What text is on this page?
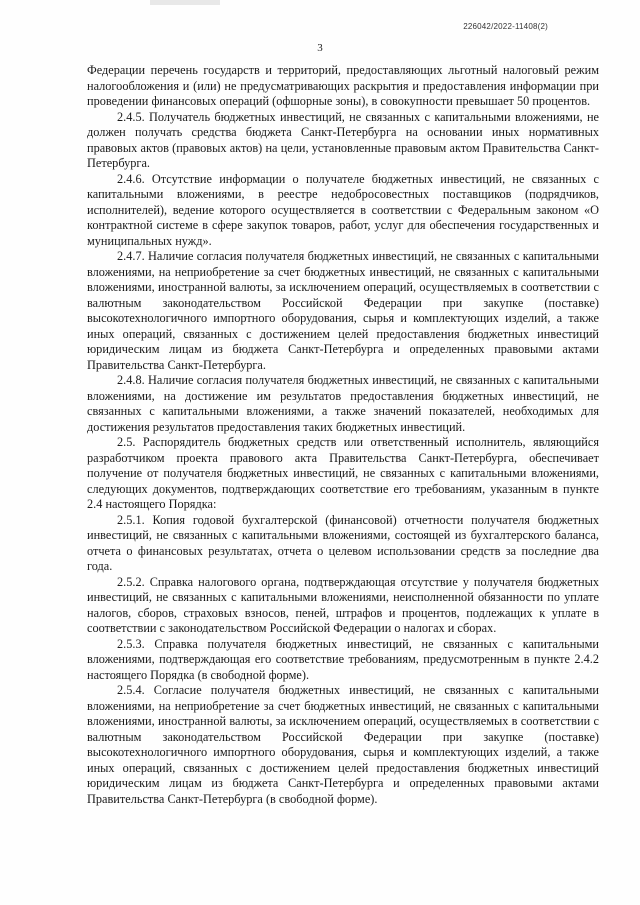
226042/2022-11408(2)
3

Федерации перечень государств и территорий, предоставляющих льготный налоговый режим налогообложения и (или) не предусматривающих раскрытия и предоставления информации при проведении финансовых операций (офшорные зоны), в совокупности превышает 50 процентов.

2.4.5. Получатель бюджетных инвестиций, не связанных с капитальными вложениями, не должен получать средства бюджета Санкт-Петербурга на основании иных нормативных правовых актов (правовых актов) на цели, установленные правовым актом Правительства Санкт-Петербурга.

2.4.6. Отсутствие информации о получателе бюджетных инвестиций, не связанных с капитальными вложениями, в реестре недобросовестных поставщиков (подрядчиков, исполнителей), ведение которого осуществляется в соответствии с Федеральным законом «О контрактной системе в сфере закупок товаров, работ, услуг для обеспечения государственных и муниципальных нужд».

2.4.7. Наличие согласия получателя бюджетных инвестиций, не связанных с капитальными вложениями, на неприобретение за счет бюджетных инвестиций, не связанных с капитальными вложениями, иностранной валюты, за исключением операций, осуществляемых в соответствии с валютным законодательством Российской Федерации при закупке (поставке) высокотехнологичного импортного оборудования, сырья и комплектующих изделий, а также иных операций, связанных с достижением целей предоставления бюджетных инвестиций юридическим лицам из бюджета Санкт-Петербурга и определенных правовыми актами Правительства Санкт-Петербурга.

2.4.8. Наличие согласия получателя бюджетных инвестиций, не связанных с капитальными вложениями, на достижение им результатов предоставления бюджетных инвестиций, не связанных с капитальными вложениями, а также значений показателей, необходимых для достижения результатов предоставления таких бюджетных инвестиций.

2.5. Распорядитель бюджетных средств или ответственный исполнитель, являющийся разработчиком проекта правового акта Правительства Санкт-Петербурга, обеспечивает получение от получателя бюджетных инвестиций, не связанных с капитальными вложениями, следующих документов, подтверждающих соответствие его требованиям, указанным в пункте 2.4 настоящего Порядка:

2.5.1. Копия годовой бухгалтерской (финансовой) отчетности получателя бюджетных инвестиций, не связанных с капитальными вложениями, состоящей из бухгалтерского баланса, отчета о финансовых результатах, отчета о целевом использовании средств за последние два года.

2.5.2. Справка налогового органа, подтверждающая отсутствие у получателя бюджетных инвестиций, не связанных с капитальными вложениями, неисполненной обязанности по уплате налогов, сборов, страховых взносов, пеней, штрафов и процентов, подлежащих к уплате в соответствии с законодательством Российской Федерации о налогах и сборах.

2.5.3. Справка получателя бюджетных инвестиций, не связанных с капитальными вложениями, подтверждающая его соответствие требованиям, предусмотренным в пункте 2.4.2 настоящего Порядка (в свободной форме).

2.5.4. Согласие получателя бюджетных инвестиций, не связанных с капитальными вложениями, на неприобретение за счет бюджетных инвестиций, не связанных с капитальными вложениями, иностранной валюты, за исключением операций, осуществляемых в соответствии с валютным законодательством Российской Федерации при закупке (поставке) высокотехнологичного импортного оборудования, сырья и комплектующих изделий, а также иных операций, связанных с достижением целей предоставления бюджетных инвестиций юридическим лицам из бюджета Санкт-Петербурга и определенных правовыми актами Правительства Санкт-Петербурга (в свободной форме).
